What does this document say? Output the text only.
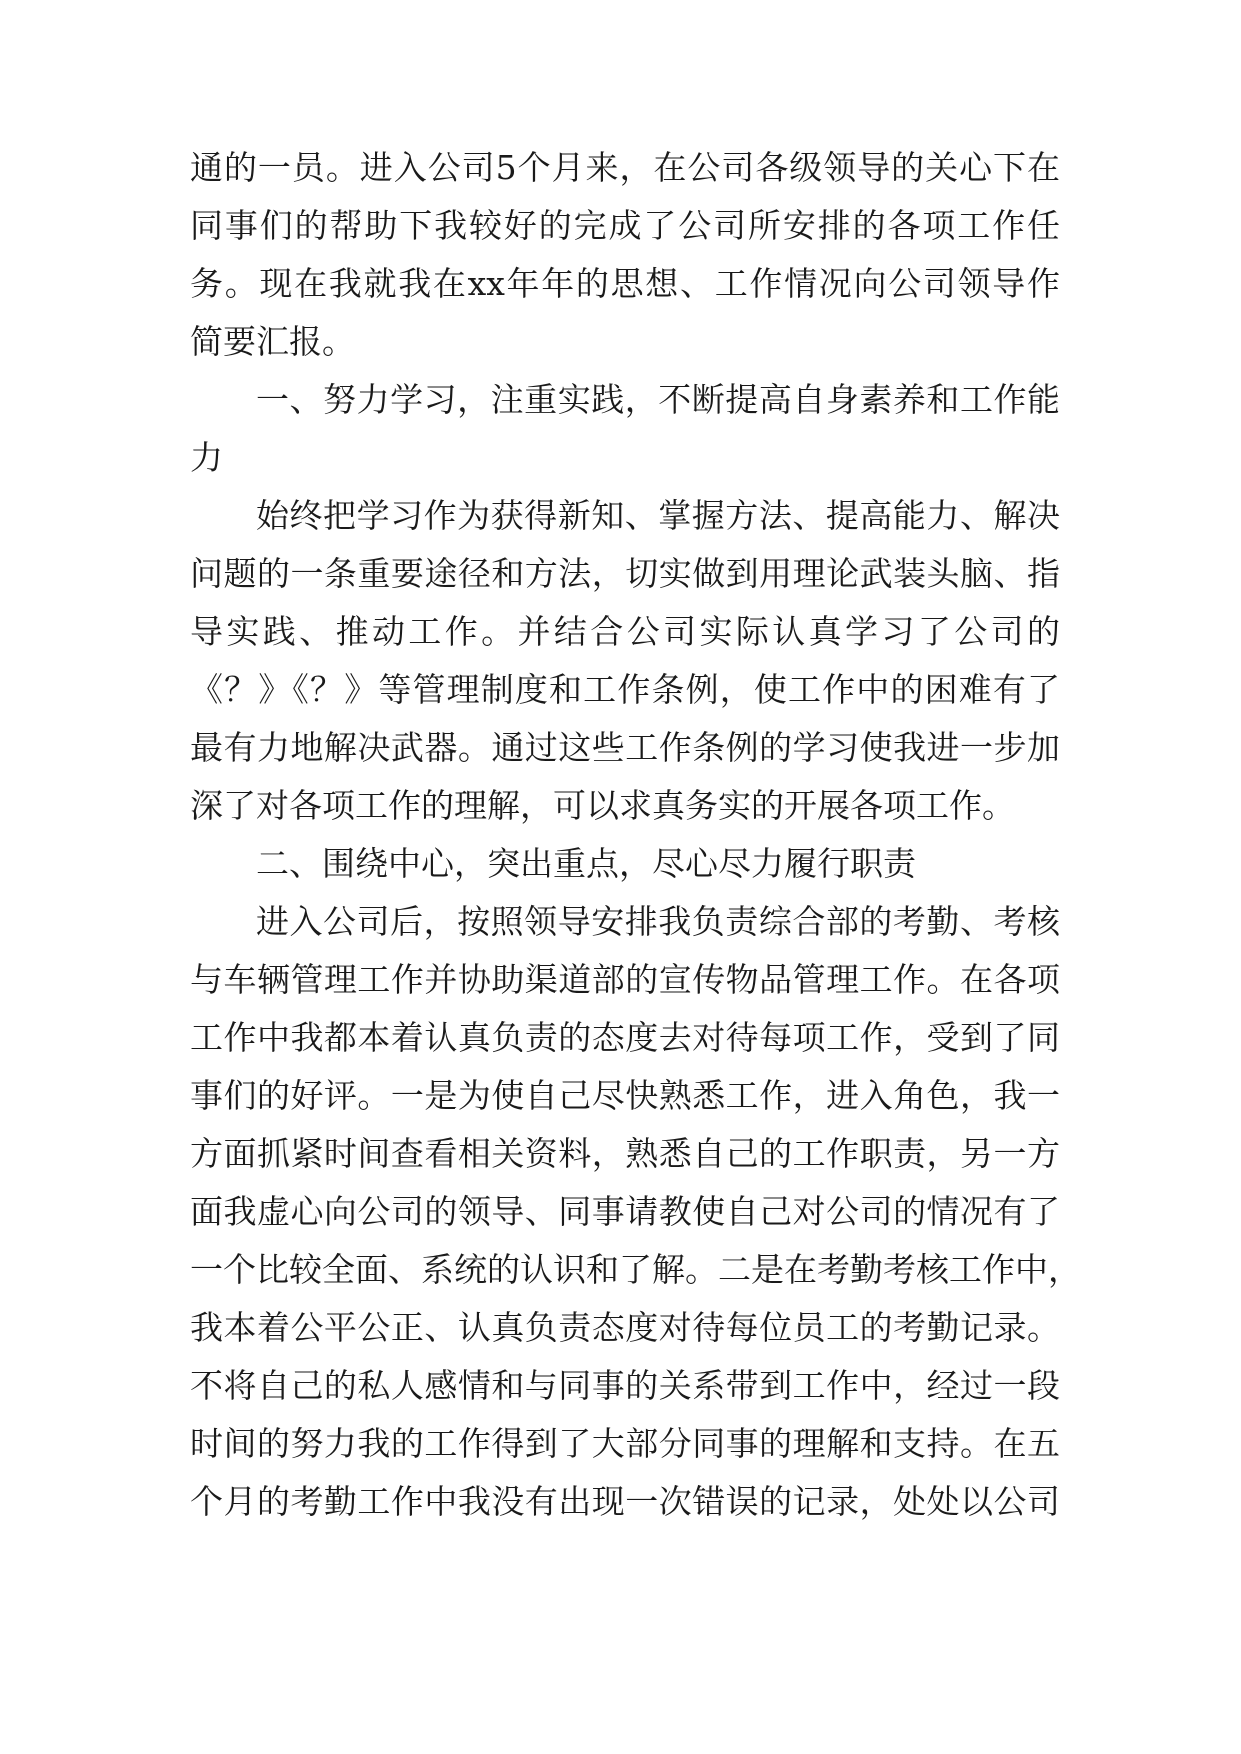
通的一员。进入公司5个月来，在公司各级领导的关心下在
同事们的帮助下我较好的完成了公司所安排的各项工作任
务。现在我就我在xx年年的思想、工作情况向公司领导作
简要汇报。
一、努力学习，注重实践，不断提高自身素养和工作能
力
始终把学习作为获得新知、掌握方法、提高能力、解决
问题的一条重要途径和方法，切实做到用理论武装头脑、指
导实践、推动工作。并结合公司实际认真学习了公司的
《？》《？》等管理制度和工作条例，使工作中的困难有了
最有力地解决武器。通过这些工作条例的学习使我进一步加
深了对各项工作的理解，可以求真务实的开展各项工作。
二、围绕中心，突出重点，尽心尽力履行职责
进入公司后，按照领导安排我负责综合部的考勤、考核
与车辆管理工作并协助渠道部的宣传物品管理工作。在各项
工作中我都本着认真负责的态度去对待每项工作，受到了同
事们的好评。一是为使自己尽快熟悉工作，进入角色，我一
方面抓紧时间查看相关资料，熟悉自己的工作职责，另一方
面我虚心向公司的领导、同事请教使自己对公司的情况有了
一个比较全面、系统的认识和了解。二是在考勤考核工作中，
我本着公平公正、认真负责态度对待每位员工的考勤记录。
不将自己的私人感情和与同事的关系带到工作中，经过一段
时间的努力我的工作得到了大部分同事的理解和支持。在五
个月的考勤工作中我没有出现一次错误的记录，处处以公司
